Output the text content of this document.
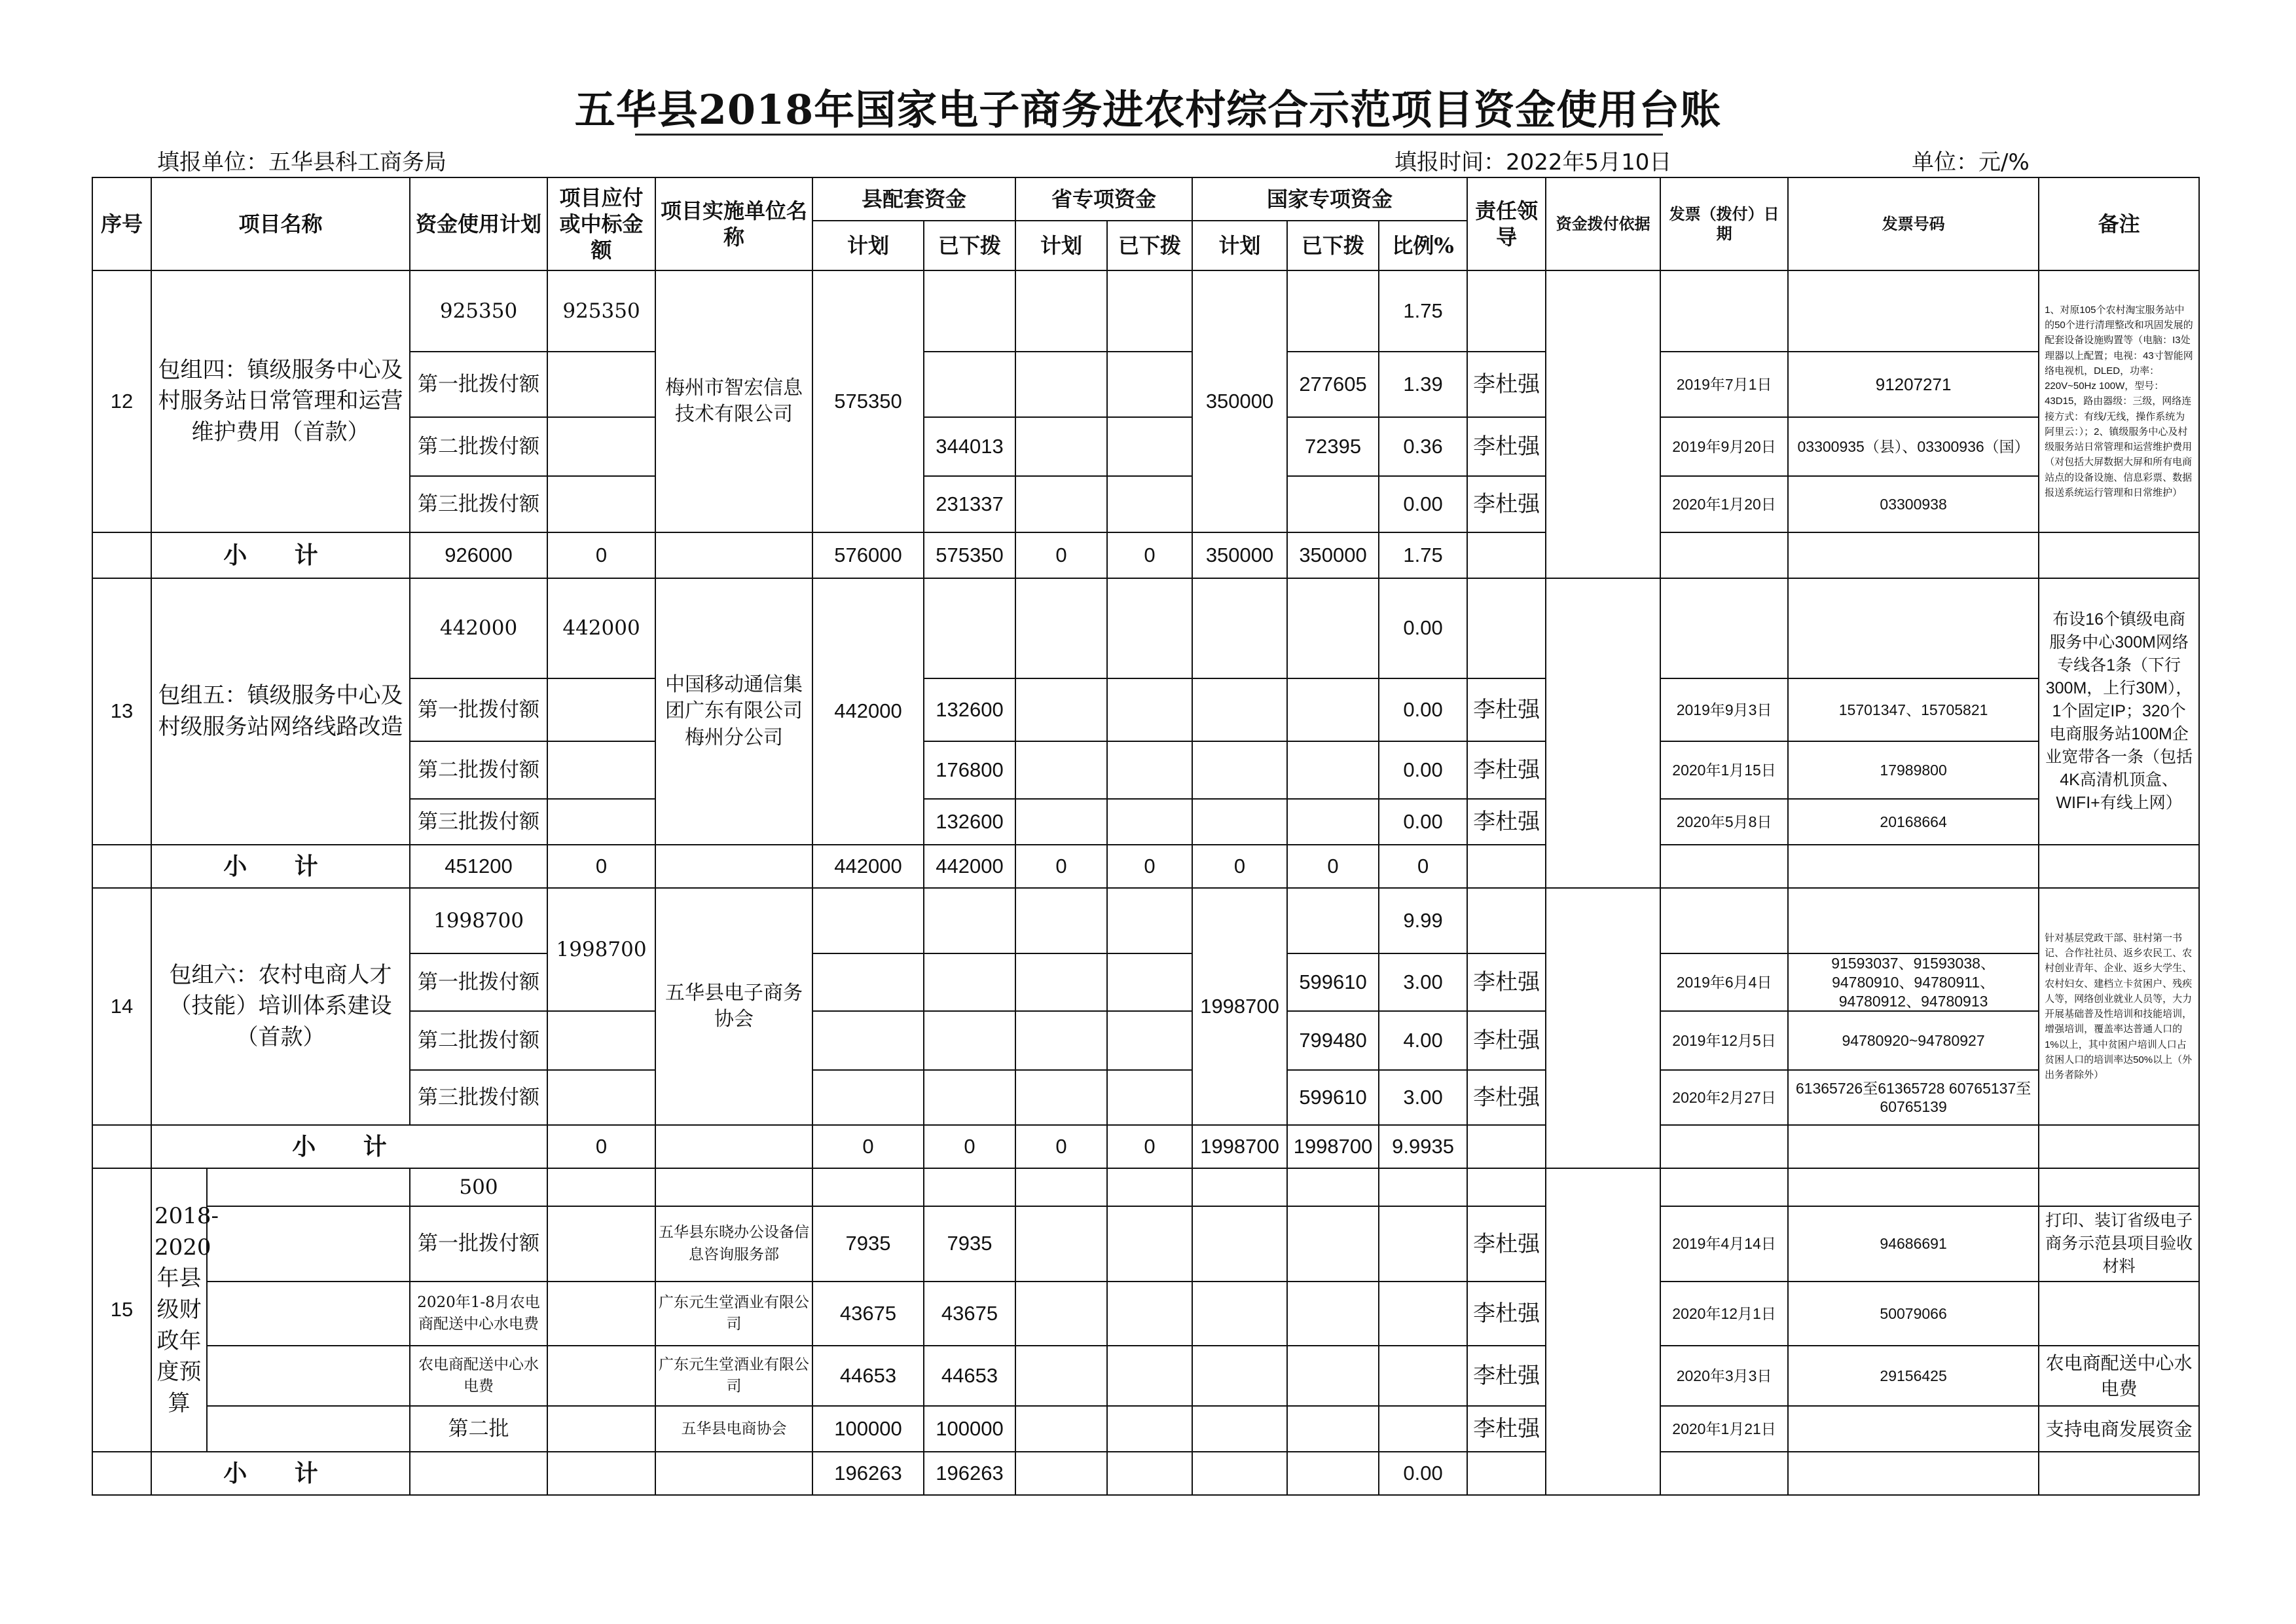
五华县2018年国家电子商务进农村综合示范项目资金使用台账
填报单位：五华县科工商务局	填报时间：2022年5月10日	单位：元/%
序号	项目名称		资金使用计划	项目应付或中标金额	项目实施单位名称	县配套资金		省专项资金		国家专项资金			责任领导	资金拨付依据	发票（拨付）日期	发票号码	备注
						计划	已下拨	计划	已下拨	计划	已下拨	比例%					
12	包组四：镇级服务中心及村服务站日常管理和运营维护费用（首款）		925350	925350	梅州市智宏信息技术有限公司	575350				350000		1.75					1、对原105个农村淘宝服务站中的50个进行清理整改和巩固发展的配套设备设施购置等（电脑：I3处理器以上配置；电视：43寸智能网络电视机，DLED，功率：220V~50Hz 100W，型号：43D15，路由器级：三级，网络连接方式：有线/无线，操作系统为阿里云：）；2、镇级服务中心及村级服务站日常管理和运营维护费用（对包括大屏数据大屏和所有电商站点的设备设施、信息彩票、数据报送系统运行管理和日常维护）
			第一批拨付额								277605	1.39	李杜强		2019年7月1日	91207271	
			第二批拨付额				344013				72395	0.36	李杜强		2019年9月20日	03300935（县）、03300936（国）	
			第三批拨付额				231337					0.00	李杜强		2020年1月20日	03300938	
	小 计		926000	0		576000	575350	0	0	350000	350000	1.75					
13	包组五：镇级服务中心及村级服务站网络线路改造		442000	442000	中国移动通信集团广东有限公司梅州分公司	442000						0.00					布设16个镇级电商服务中心300M网络专线各1条（下行300M，上行30M），1个固定IP；320个电商服务站100M企业宽带各一条（包括4K高清机顶盒、WIFI+有线上网）
			第一批拨付额				132600					0.00	李杜强		2019年9月3日	15701347、15705821	
			第二批拨付额				176800					0.00	李杜强		2020年1月15日	17989800	
			第三批拨付额				132600					0.00	李杜强		2020年5月8日	20168664	
	小 计		451200	0		442000	442000	0	0	0	0	0					
14	包组六：农村电商人才（技能）培训体系建设（首款）		1998700	1998700	五华县电子商务协会					1998700		9.99					针对基层党政干部、驻村第一书记、合作社社员、返乡农民工、农村创业青年、企业、返乡大学生、农村妇女、建档立卡贫困户、残疾人等，网络创业就业人员等，大力开展基础普及性培训和技能培训，增强培训，覆盖率达普通人口的1%以上，其中贫困户培训人口占贫困人口的培训率达50%以上（外出务者除外）
			第一批拨付额								599610	3.00	李杜强		2019年6月4日	91593037、91593038、94780910、94780911、94780912、94780913	
			第二批拨付额								799480	4.00	李杜强		2019年12月5日	94780920~94780927	
			第三批拨付额								599610	3.00	李杜强		2020年2月27日	61365726至61365728 60765137至60765139	
	小 计			0		0	0	0	0	1998700	1998700	9.9935					
15	2018-2020年县级财政年度预算		500														
			第一批拨付额		五华县东晓办公设备信息咨询服务部	7935	7935						李杜强		2019年4月14日	94686691	打印、装订省级电子商务示范县项目验收材料
			2020年1-8月农电商配送中心水电费		广东元生堂酒业有限公司	43675	43675						李杜强		2020年12月1日	50079066	
			农电商配送中心水电费		广东元生堂酒业有限公司	44653	44653						李杜强		2020年3月3日	29156425	农电商配送中心水电费
			第二批		五华县电商协会	100000	100000						李杜强		2020年1月21日		支持电商发展资金
	小 计					196263	196263					0.00					
